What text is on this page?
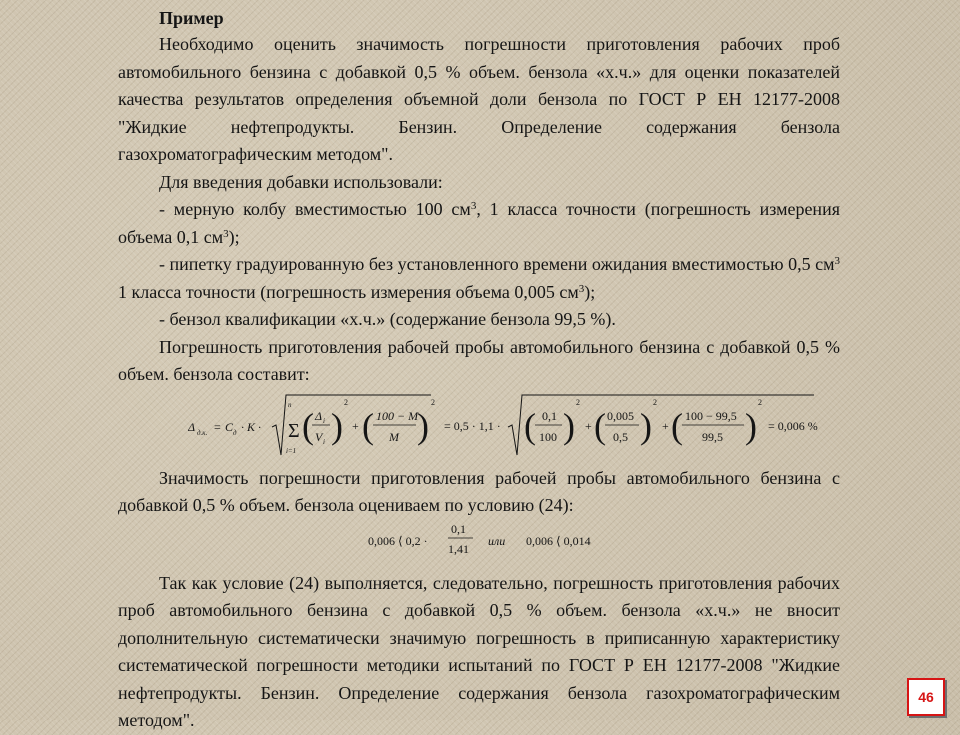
Пример

Необходимо оценить значимость погрешности приготовления рабочих проб автомобильного бензина с добавкой 0,5 % объем. бензола «х.ч.» для оценки показателей качества результатов определения объемной доли бензола по ГОСТ Р ЕН 12177-2008 "Жидкие нефтепродукты. Бензин. Определение содержания бензола газохроматографическим методом".

Для введения добавки использовали:

- мерную колбу вместимостью 100 $см^3$, 1 класса точности (погрешность измерения объема 0,1 $см^3$);

- пипетку градуированную без установленного времени ожидания вместимостью 0,5 $см^3$ 1 класса точности (погрешность измерения объема 0,005 $см^3$);

- бензол квалификации «х.ч.» (содержание бензола 99,5 %).

Погрешность приготовления рабочей пробы автомобильного бензина с добавкой 0,5 % объем. бензола составит:

Δ д.к. = C д · K ·
n
Σ
i=1
( Δ i
V i )
2
+ ( 100 − M
M )
2
= 0,5 · 1,1 · ( 0,1
100 )
2
+ ( 0,005
0,5 )
2
+ ( 100 − 99,5
99,5 )
2
= 0,006 %

Значимость погрешности приготовления рабочей пробы автомобильного бензина с добавкой 0,5 % объем. бензола оцениваем по условию (24):

0,006 ⟨ 0,2 ·
0,1
1,41
или 0,006 ⟨ 0,014

Так как условие (24) выполняется, следовательно, погрешность приготовления рабочих проб автомобильного бензина с добавкой 0,5 % объем. бензола «х.ч.» не вносит дополнительную систематически значимую погрешность в приписанную характеристику систематической погрешности методики испытаний по ГОСТ Р ЕН 12177-2008 "Жидкие нефтепродукты. Бензин. Определение содержания бензола газохроматографическим методом".

46
